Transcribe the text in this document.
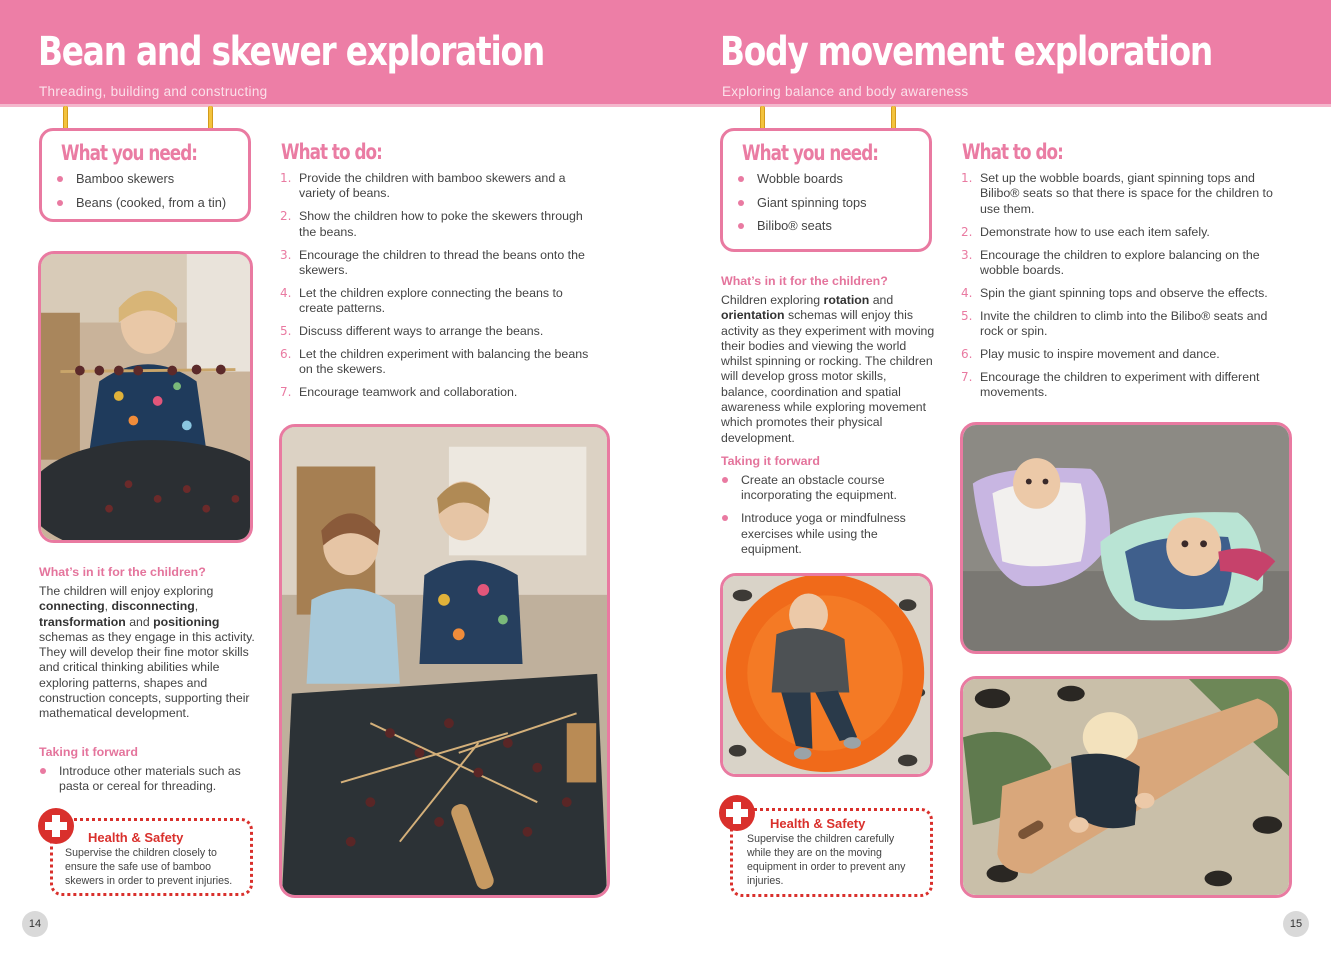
Bean and skewer exploration
Threading, building and constructing
What you need:
Bamboo skewers
Beans (cooked, from a tin)
What to do:
1. Provide the children with bamboo skewers and a variety of beans.
2. Show the children how to poke the skewers through the beans.
3. Encourage the children to thread the beans onto the skewers.
4. Let the children explore connecting the beans to create patterns.
5. Discuss different ways to arrange the beans.
6. Let the children experiment with balancing the beans on the skewers.
7. Encourage teamwork and collaboration.
What’s in it for the children?
The children will enjoy exploring connecting, disconnecting, transformation and positioning schemas as they engage in this activity. They will develop their fine motor skills and critical thinking abilities while exploring patterns, shapes and construction concepts, supporting their mathematical development.
Taking it forward
Introduce other materials such as pasta or cereal for threading.
Health & Safety
Supervise the children closely to ensure the safe use of bamboo skewers in order to prevent injuries.
14
Body movement exploration
Exploring balance and body awareness
What you need:
Wobble boards
Giant spinning tops
Bilibo® seats
What’s in it for the children?
Children exploring rotation and orientation schemas will enjoy this activity as they experiment with moving their bodies and viewing the world whilst spinning or rocking. The children will develop gross motor skills, balance, coordination and spatial awareness while exploring movement which promotes their physical development.
Taking it forward
Create an obstacle course incorporating the equipment.
Introduce yoga or mindfulness exercises while using the equipment.
What to do:
1. Set up the wobble boards, giant spinning tops and Bilibo® seats so that there is space for the children to use them.
2. Demonstrate how to use each item safely.
3. Encourage the children to explore balancing on the wobble boards.
4. Spin the giant spinning tops and observe the effects.
5. Invite the children to climb into the Bilibo® seats and rock or spin.
6. Play music to inspire movement and dance.
7. Encourage the children to experiment with different movements.
Health & Safety
Supervise the children carefully while they are on the moving equipment in order to prevent any injuries.
15
